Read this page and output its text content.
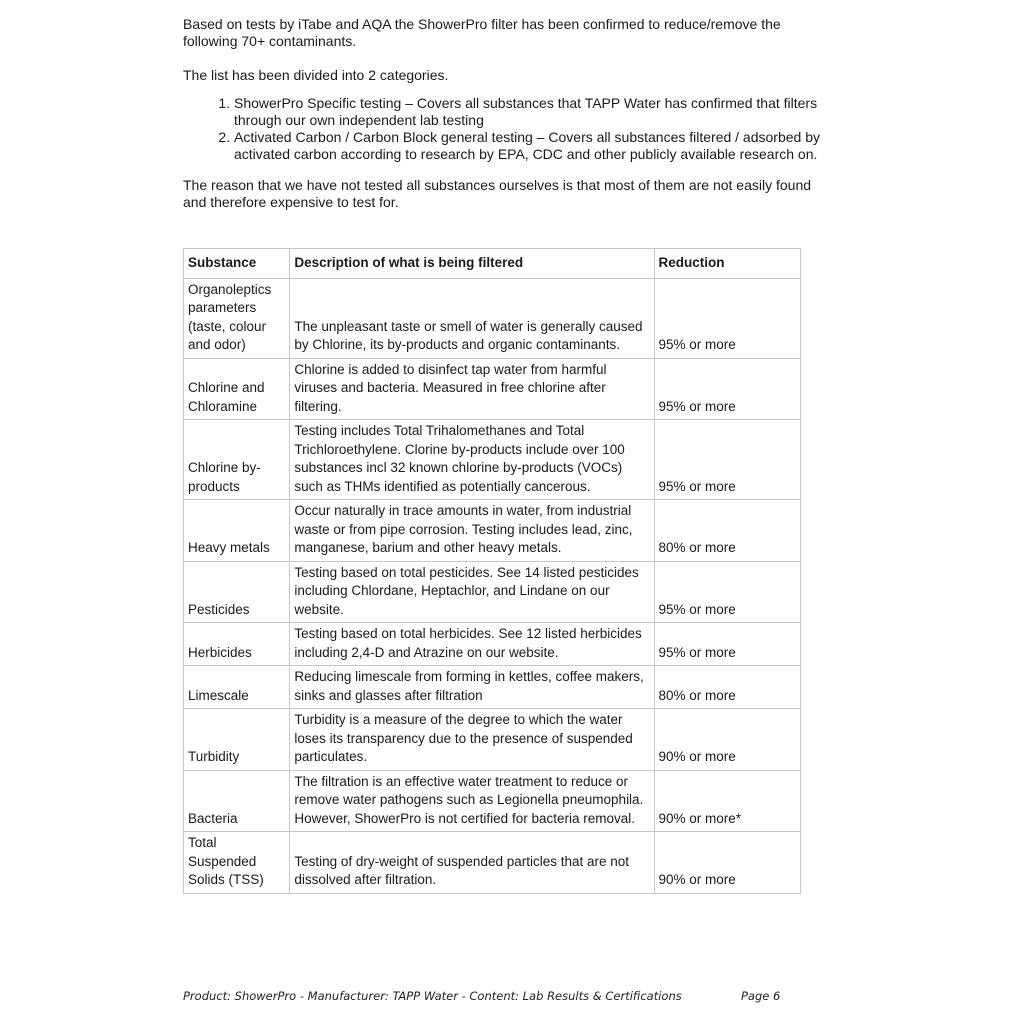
Based on tests by iTabe and AQA the ShowerPro filter has been confirmed to reduce/remove the following 70+ contaminants.

The list has been divided into 2 categories.

1. ShowerPro Specific testing – Covers all substances that TAPP Water has confirmed that filters through our own independent lab testing
2. Activated Carbon / Carbon Block general testing – Covers all substances filtered / adsorbed by activated carbon according to research by EPA, CDC and other publicly available research on.

The reason that we have not tested all substances ourselves is that most of them are not easily found and therefore expensive to test for.

Substance	Description of what is being filtered	Reduction
Organoleptics parameters (taste, colour and odor)	The unpleasant taste or smell of water is generally caused by Chlorine, its by-products and organic contaminants.	95% or more
Chlorine and Chloramine	Chlorine is added to disinfect tap water from harmful viruses and bacteria. Measured in free chlorine after filtering.	95% or more
Chlorine by-products	Testing includes Total Trihalomethanes and Total Trichloroethylene. Clorine by-products include over 100 substances incl 32 known chlorine by-products (VOCs) such as THMs identified as potentially cancerous.	95% or more
Heavy metals	Occur naturally in trace amounts in water, from industrial waste or from pipe corrosion. Testing includes lead, zinc, manganese, barium and other heavy metals.	80% or more
Pesticides	Testing based on total pesticides. See 14 listed pesticides including Chlordane, Heptachlor, and Lindane on our website.	95% or more
Herbicides	Testing based on total herbicides. See 12 listed herbicides including 2,4-D and Atrazine on our website.	95% or more
Limescale	Reducing limescale from forming in kettles, coffee makers, sinks and glasses after filtration	80% or more
Turbidity	Turbidity is a measure of the degree to which the water loses its transparency due to the presence of suspended particulates.	90% or more
Bacteria	The filtration is an effective water treatment to reduce or remove water pathogens such as Legionella pneumophila. However, ShowerPro is not certified for bacteria removal.	90% or more*
Total Suspended Solids (TSS)	Testing of dry-weight of suspended particles that are not dissolved after filtration.	90% or more
Product: ShowerPro - Manufacturer: TAPP Water - Content: Lab Results & Certifications	Page 6
